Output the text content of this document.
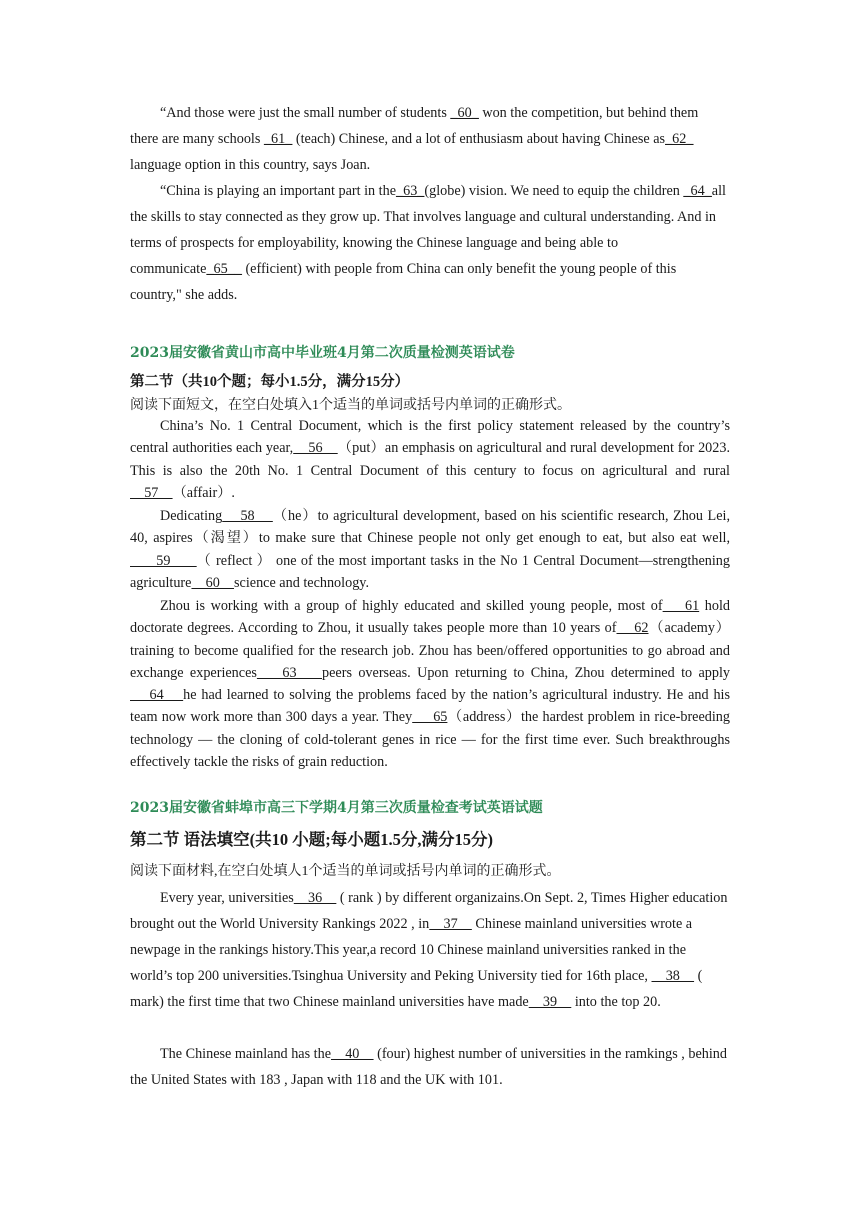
“And those were just the small number of students _60_ won the competition, but behind them there are many schools _61_ (teach) Chinese, and a lot of enthusiasm about having Chinese as_62_ language option in this country, says Joan.

“China is playing an important part in the_63_(globe) vision. We need to equip the children _64_all the skills to stay connected as they grow up. That involves language and cultural understanding. And in terms of prospects for employability, knowing the Chinese language and being able to communicate_65__ (efficient) with people from China can only benefit the young people of this country," she adds.

2023届安徽省黄山市高中毕业班4月第二次质量检测英语试卷

第二节（共10个题；每小1.5分，满分15分）

阅读下面短文，在空白处填入1个适当的单词或括号内单词的正确形式。

China’s No. 1 Central Document, which is the first policy statement released by the country’s central authorities each year,    56    （put）an emphasis on agricultural and rural development for 2023. This is also the 20th No. 1 Central Document of this century to focus on agricultural and rural    57    （affair）.

Dedicating    58    （he）to agricultural development, based on his scientific research, Zhou Lei, 40, aspires（渴望）to make sure that Chinese people not only get enough to eat, but also eat well,      59      （ reflect ） one of the most important tasks in the No 1 Central Document—strengthening agriculture    60    science and technology.

Zhou is working with a group of highly educated and skilled young people, most of    61 hold doctorate degrees. According to Zhou, it usually takes people more than 10 years of    62（academy）training to become qualified for the research job. Zhou has been/offered opportunities to go abroad and exchange experiences    63    peers overseas. Upon returning to China, Zhou determined to apply    64    he had learned to solving the problems faced by the nation’s agricultural industry. He and his team now work more than 300 days a year. They     65（address）the hardest problem in rice-breeding technology — the cloning of cold-tolerant genes in rice — for the first time ever. Such breakthroughs effectively tackle the risks of grain reduction.

2023届安徽省蚌埠市高三下学期4月第三次质量检查考试英语试题

第二节 语法填空(共10 小题;每小题1.5分,满分15分)

阅读下面材料,在空白处填人1个适当的单词或括号内单词的正确形式。

Every year, universities    36     ( rank ) by different organizains.On Sept. 2, Times Higher education brought out the World University Rankings 2022 , in    37     Chinese mainland universities wrote a newpage in the rankings history.This year,a record 10 Chinese mainland universities ranked in the world’s top 200 universities.Tsinghua University and Peking University tied for 16th place,     38     ( mark) the first time that two Chinese mainland universities have made    39     into the top 20.

The Chinese mainland has the    40     (four) highest number of universities in the ramkings , behind the United States with 183 , Japan with 118 and the UK with 101.
